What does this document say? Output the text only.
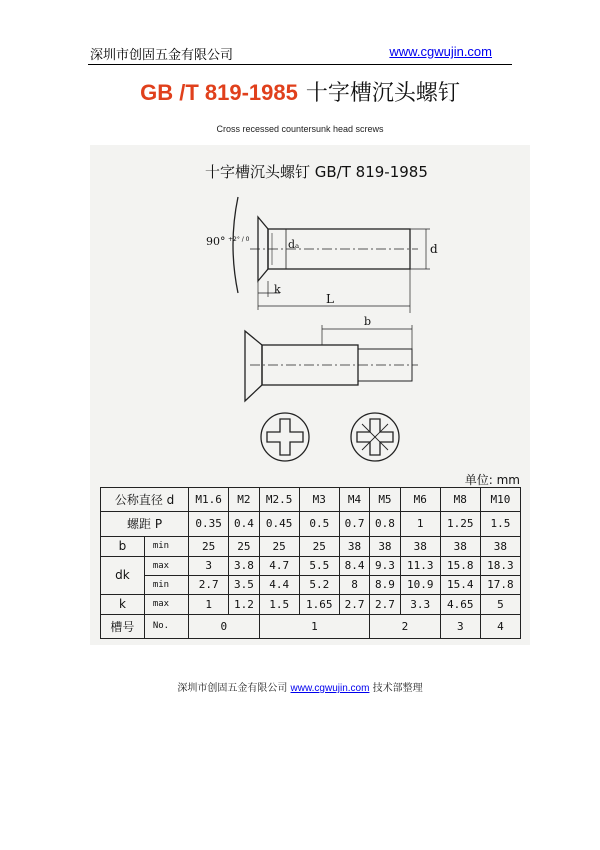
深圳市创固五金有限公司	www.cgwujin.com
GB /T 819-1985 十字槽沉头螺钉
Cross recessed countersunk head screws
十字槽沉头螺钉 GB/T 819-1985
90° +2° / 0	dₐ	d
k
L
b
单位: mm
公称直径 d		M1.6	M2	M2.5	M3	M4	M5	M6	M8	M10
螺距 P		0.35	0.4	0.45	0.5	0.7	0.8	1	1.25	1.5
b	min	25	25	25	25	38	38	38	38	38
dk	max	3	3.8	4.7	5.5	8.4	9.3	11.3	15.8	18.3
	min	2.7	3.5	4.4	5.2	8	8.9	10.9	15.4	17.8
k	max	1	1.2	1.5	1.65	2.7	2.7	3.3	4.65	5
槽号	No.	0		1			2		3	4
深圳市创固五金有限公司 www.cgwujin.com 技术部整理
